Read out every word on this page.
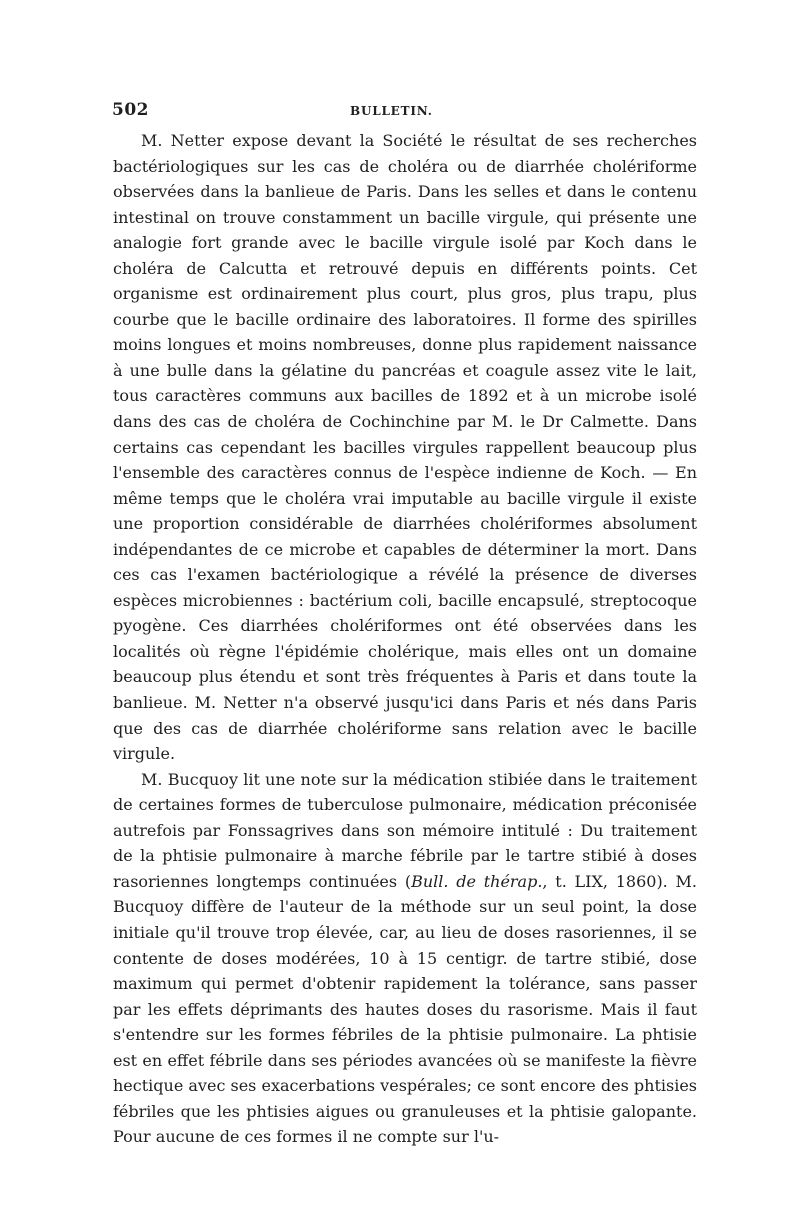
502	BULLETIN.

M. Netter expose devant la Société le résultat de ses recherches bactériologiques sur les cas de choléra ou de diarrhée cholériforme observées dans la banlieue de Paris. Dans les selles et dans le contenu intestinal on trouve constamment un bacille virgule, qui présente une analogie fort grande avec le bacille virgule isolé par Koch dans le choléra de Calcutta et retrouvé depuis en différents points. Cet organisme est ordinairement plus court, plus gros, plus trapu, plus courbe que le bacille ordinaire des laboratoires. Il forme des spirilles moins longues et moins nombreuses, donne plus rapidement naissance à une bulle dans la gélatine du pancréas et coagule assez vite le lait, tous caractères communs aux bacilles de 1892 et à un microbe isolé dans des cas de choléra de Cochinchine par M. le Dr Calmette. Dans certains cas cependant les bacilles virgules rappellent beaucoup plus l'ensemble des caractères connus de l'espèce indienne de Koch. — En même temps que le choléra vrai imputable au bacille virgule il existe une proportion considérable de diarrhées cholériformes absolument indépendantes de ce microbe et capables de déterminer la mort. Dans ces cas l'examen bactériologique a révélé la présence de diverses espèces microbiennes : bactérium coli, bacille encapsulé, streptocoque pyogène. Ces diarrhées cholériformes ont été observées dans les localités où règne l'épidémie cholérique, mais elles ont un domaine beaucoup plus étendu et sont très fréquentes à Paris et dans toute la banlieue. M. Netter n'a observé jusqu'ici dans Paris et nés dans Paris que des cas de diarrhée cholériforme sans relation avec le bacille virgule.

M. Bucquoy lit une note sur la médication stibiée dans le traitement de certaines formes de tuberculose pulmonaire, médication préconisée autrefois par Fonssagrives dans son mémoire intitulé : Du traitement de la phtisie pulmonaire à marche fébrile par le tartre stibié à doses rasoriennes longtemps continuées (Bull. de thérap., t. LIX, 1860). M. Bucquoy diffère de l'auteur de la méthode sur un seul point, la dose initiale qu'il trouve trop élevée, car, au lieu de doses rasoriennes, il se contente de doses modérées, 10 à 15 centigr. de tartre stibié, dose maximum qui permet d'obtenir rapidement la tolérance, sans passer par les effets déprimants des hautes doses du rasorisme. Mais il faut s'entendre sur les formes fébriles de la phtisie pulmonaire. La phtisie est en effet fébrile dans ses périodes avancées où se manifeste la fièvre hectique avec ses exacerbations vespérales; ce sont encore des phtisies fébriles que les phtisies aigues ou granuleuses et la phtisie galopante. Pour aucune de ces formes il ne compte sur l'u-
